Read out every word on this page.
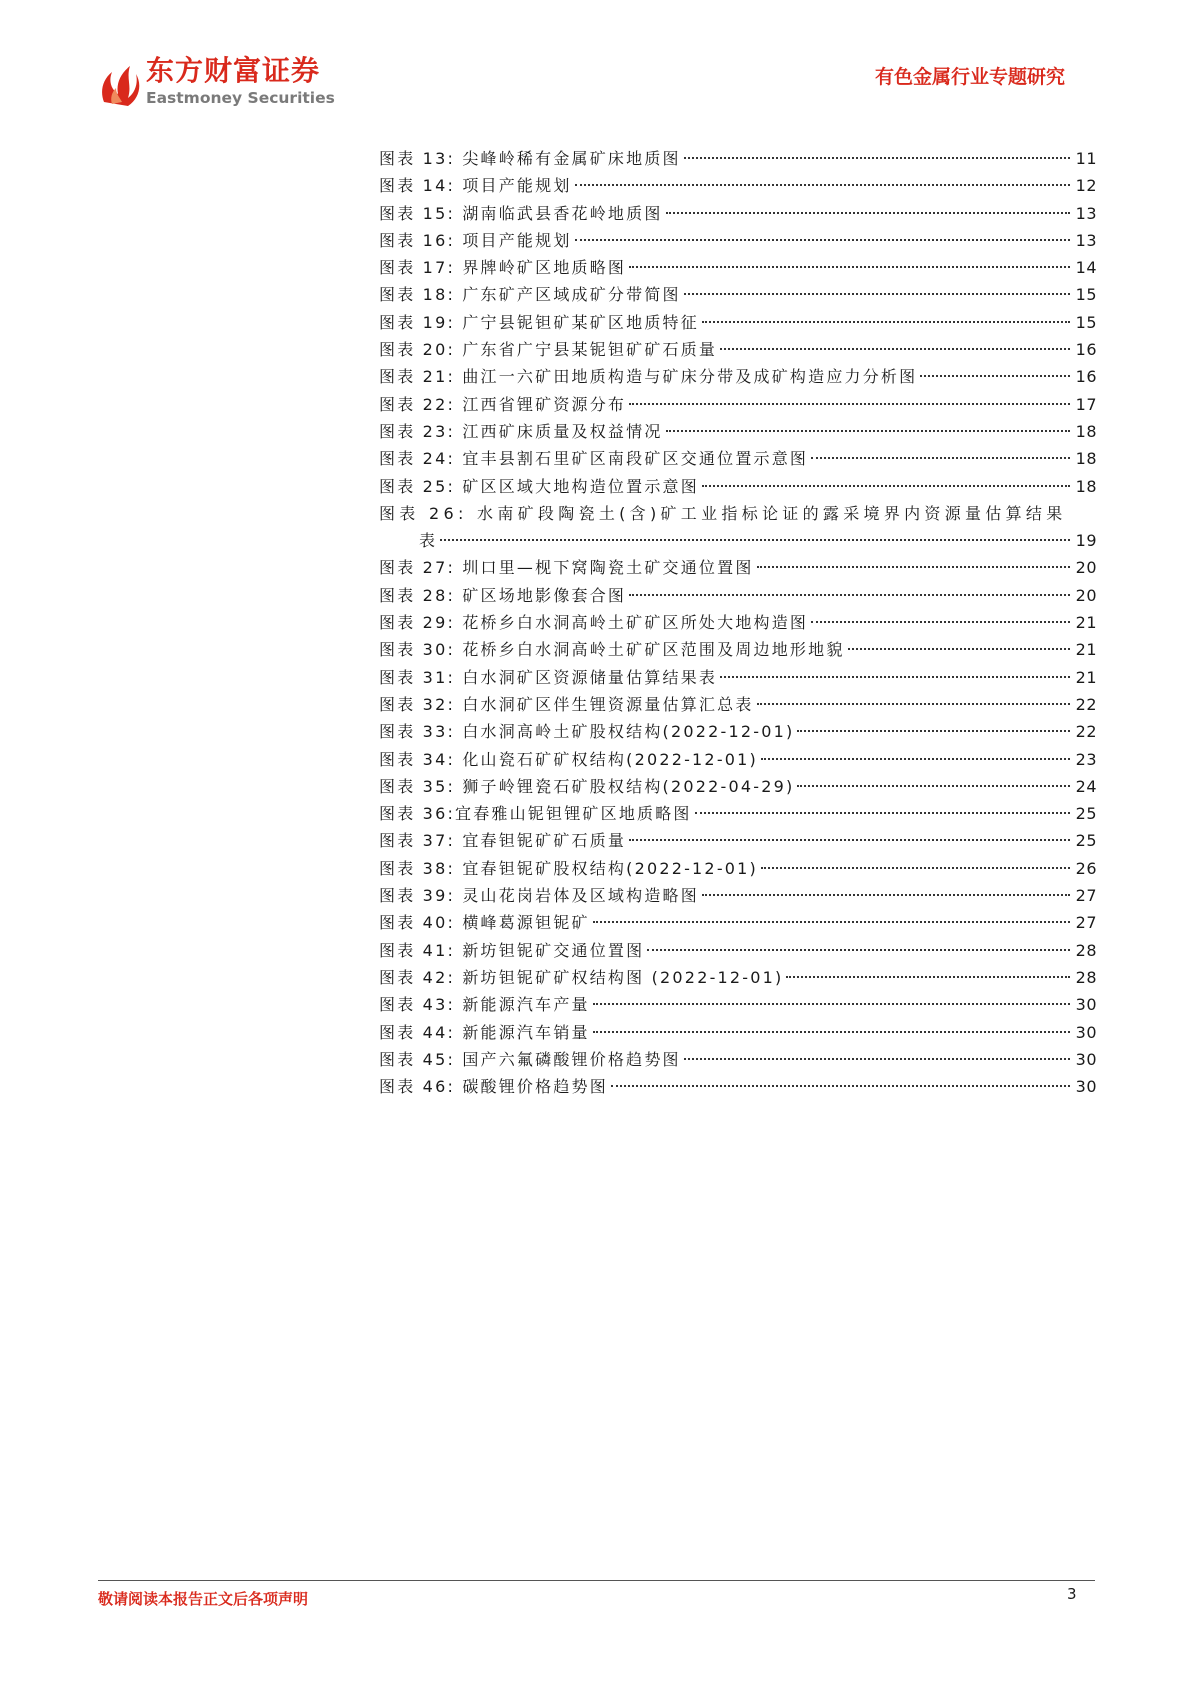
东方财富证券
Eastmoney Securities
有色金属行业专题研究
图表 13: 尖峰岭稀有金属矿床地质图	11
图表 14: 项目产能规划	12
图表 15: 湖南临武县香花岭地质图	13
图表 16: 项目产能规划	13
图表 17: 界牌岭矿区地质略图	14
图表 18: 广东矿产区域成矿分带简图	15
图表 19: 广宁县铌钽矿某矿区地质特征	15
图表 20: 广东省广宁县某铌钽矿矿石质量	16
图表 21: 曲江一六矿田地质构造与矿床分带及成矿构造应力分析图	16
图表 22: 江西省锂矿资源分布	17
图表 23: 江西矿床质量及权益情况	18
图表 24: 宜丰县割石里矿区南段矿区交通位置示意图	18
图表 25: 矿区区域大地构造位置示意图	18
图表 26: 水南矿段陶瓷土(含)矿工业指标论证的露采境界内资源量估算结果
表	19
图表 27: 圳口里—枧下窝陶瓷土矿交通位置图	20
图表 28: 矿区场地影像套合图	20
图表 29: 花桥乡白水洞高岭土矿矿区所处大地构造图	21
图表 30: 花桥乡白水洞高岭土矿矿区范围及周边地形地貌	21
图表 31: 白水洞矿区资源储量估算结果表	21
图表 32: 白水洞矿区伴生锂资源量估算汇总表	22
图表 33: 白水洞高岭土矿股权结构(2022-12-01)	22
图表 34: 化山瓷石矿矿权结构(2022-12-01)	23
图表 35: 狮子岭锂瓷石矿股权结构(2022-04-29)	24
图表 36:宜春雅山铌钽锂矿区地质略图	25
图表 37: 宜春钽铌矿矿石质量	25
图表 38: 宜春钽铌矿股权结构(2022-12-01)	26
图表 39: 灵山花岗岩体及区域构造略图	27
图表 40: 横峰葛源钽铌矿	27
图表 41: 新坊钽铌矿交通位置图	28
图表 42: 新坊钽铌矿矿权结构图 (2022-12-01)	28
图表 43: 新能源汽车产量	30
图表 44: 新能源汽车销量	30
图表 45: 国产六氟磷酸锂价格趋势图	30
图表 46: 碳酸锂价格趋势图	30
敬请阅读本报告正文后各项声明	3
